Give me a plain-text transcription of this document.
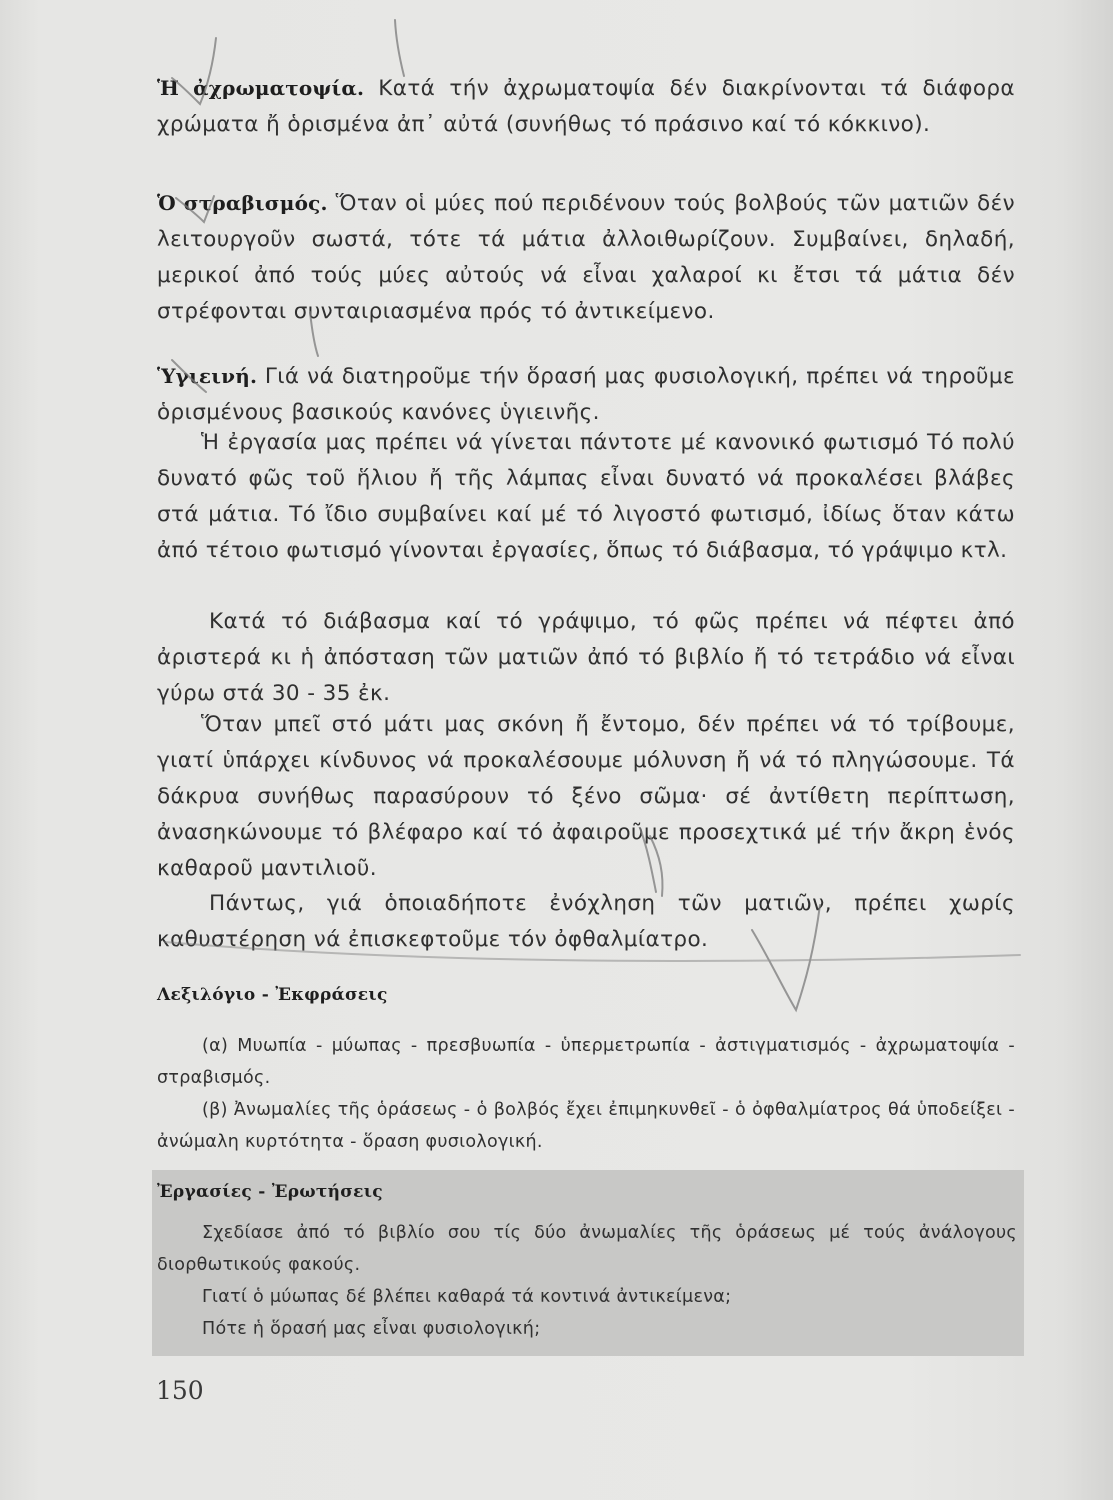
Ἡ ἀχρωματοψία. Κατά τήν ἀχρωματοψία δέν διακρίνονται τά διάφορα χρώματα ἤ ὁρισμένα ἀπ᾽ αὐτά (συνήθως τό πράσινο καί τό κόκκινο).

Ὁ στραβισμός. Ὅταν οἱ μύες πού περιδένουν τούς βολβούς τῶν ματιῶν δέν λειτουργοῦν σωστά, τότε τά μάτια ἀλλοιθωρίζουν. Συμβαίνει, δηλαδή, μερικοί ἀπό τούς μύες αὐτούς νά εἶναι χαλαροί κι ἔτσι τά μάτια δέν στρέφονται συνταιριασμένα πρός τό ἀντικείμενο.

Ὑγιεινή. Γιά νά διατηροῦμε τήν ὅρασή μας φυσιολογική, πρέπει νά τηροῦμε ὁρισμένους βασικούς κανόνες ὑγιεινῆς.

Ἡ ἐργασία μας πρέπει νά γίνεται πάντοτε μέ κανονικό φωτισμό Τό πολύ δυνατό φῶς τοῦ ἥλιου ἤ τῆς λάμπας εἶναι δυνατό νά προκαλέσει βλάβες στά μάτια. Τό ἴδιο συμβαίνει καί μέ τό λιγοστό φωτισμό, ἰδίως ὅταν κάτω ἀπό τέτοιο φωτισμό γίνονται ἐργασίες, ὅπως τό διάβασμα, τό γράψιμο κτλ.

Κατά τό διάβασμα καί τό γράψιμο, τό φῶς πρέπει νά πέφτει ἀπό ἀριστερά κι ἡ ἀπόσταση τῶν ματιῶν ἀπό τό βιβλίο ἤ τό τετράδιο νά εἶναι γύρω στά 30 - 35 ἐκ.

Ὅταν μπεῖ στό μάτι μας σκόνη ἤ ἔντομο, δέν πρέπει νά τό τρίβουμε, γιατί ὑπάρχει κίνδυνος νά προκαλέσουμε μόλυνση ἤ νά τό πληγώσουμε. Τά δάκρυα συνήθως παρασύρουν τό ξένο σῶμα· σέ ἀντίθετη περίπτωση, ἀνασηκώνουμε τό βλέφαρο καί τό ἀφαιροῦμε προσεχτικά μέ τήν ἄκρη ἑνός καθαροῦ μαντιλιοῦ.

Πάντως, γιά ὁποιαδήποτε ἐνόχληση τῶν ματιῶν, πρέπει χωρίς καθυστέρηση νά ἐπισκεφτοῦμε τόν ὀφθαλμίατρο.

Λεξιλόγιο - Ἐκφράσεις

(α) Μυωπία - μύωπας - πρεσβυωπία - ὑπερμετρωπία - ἀστιγματισμός - ἀχρωματοψία - στραβισμός.

(β) Ἀνωμαλίες τῆς ὁράσεως - ὁ βολβός ἔχει ἐπιμηκυνθεῖ - ὁ ὀφθαλμίατρος θά ὑποδείξει - ἀνώμαλη κυρτότητα - ὅραση φυσιολογική.

Ἐργασίες - Ἐρωτήσεις

Σχεδίασε ἀπό τό βιβλίο σου τίς δύο ἀνωμαλίες τῆς ὁράσεως μέ τούς ἀνάλογους διορθωτικούς φακούς.

Γιατί ὁ μύωπας δέ βλέπει καθαρά τά κοντινά ἀντικείμενα;

Πότε ἡ ὅρασή μας εἶναι φυσιολογική;

150
